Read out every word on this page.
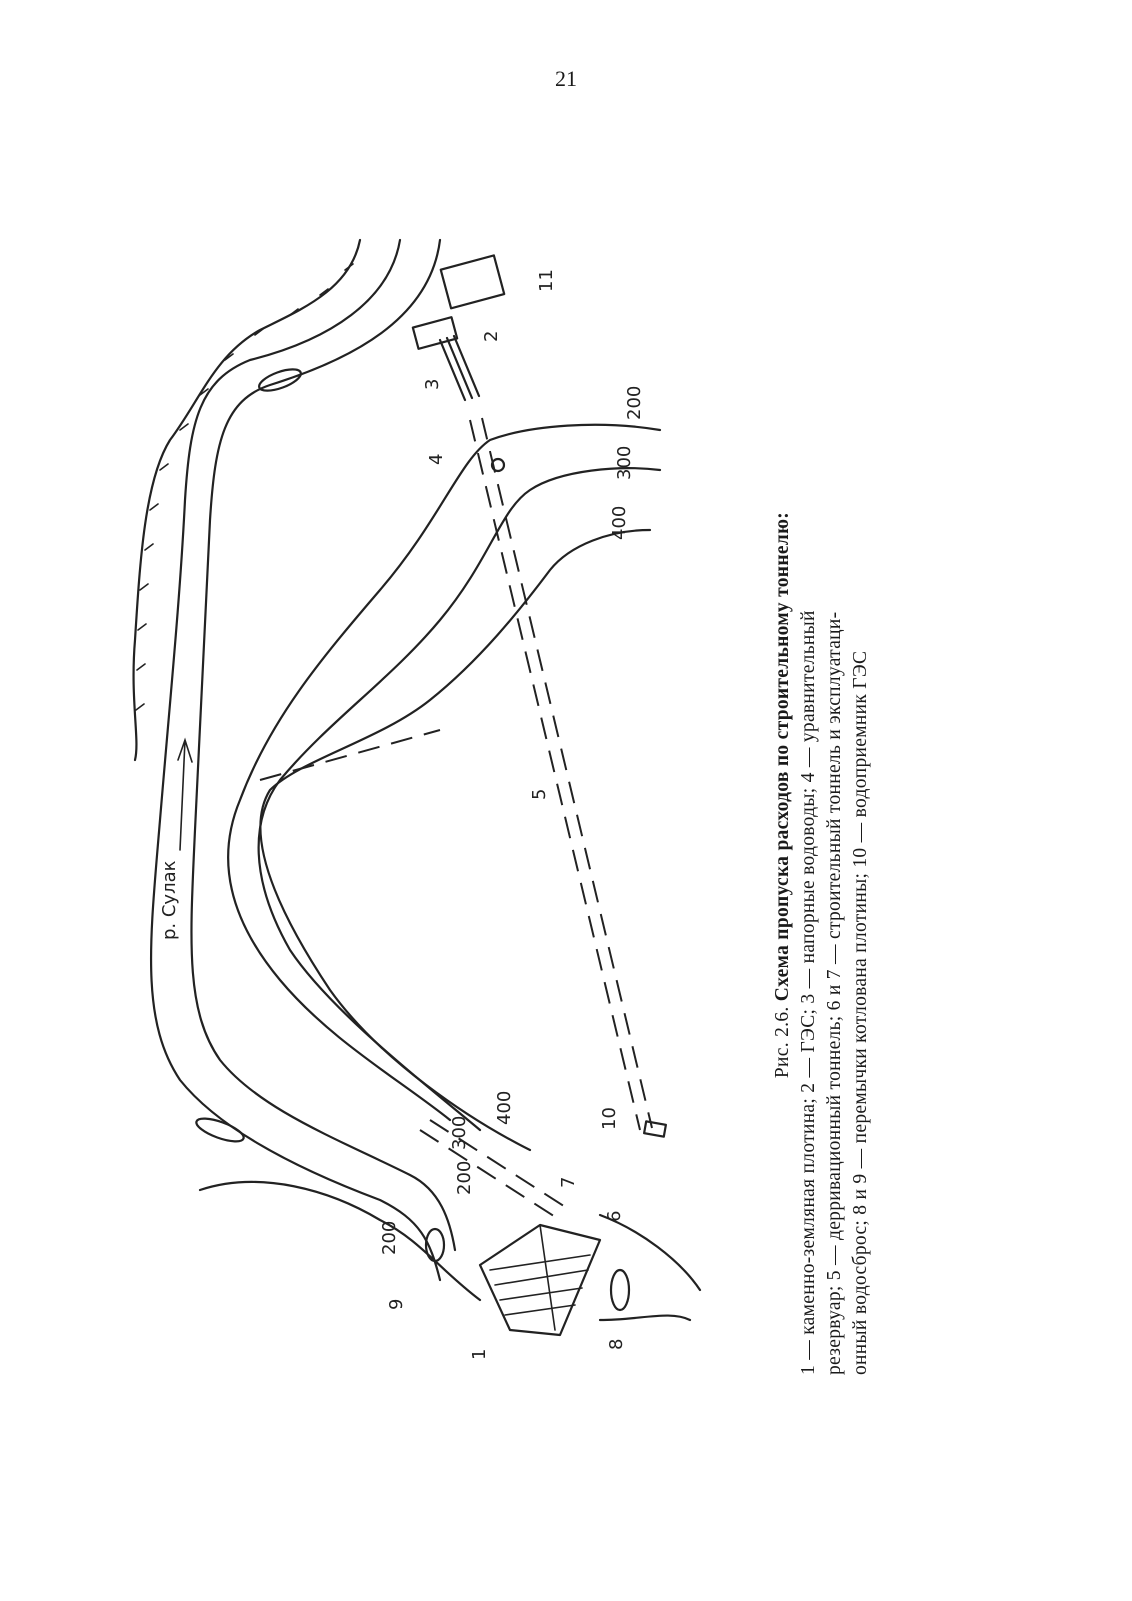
21
р. Сулак
200
300
400
400
300
200
200
1
2
3
4
5
6
7
8
9
10
11

Рис. 2.6. Схема пропуска расходов по строительному тоннелю: 1 — каменно-земляная плотина; 2 — ГЭС; 3 — напорные водоводы; 4 — уравнительный резервуар; 5 — дерривационный тоннель; 6 и 7 — строительный тоннель и эксплуатаци- онный водосброс; 8 и 9 — перемычки котлована плотины; 10 — водоприемник ГЭС
